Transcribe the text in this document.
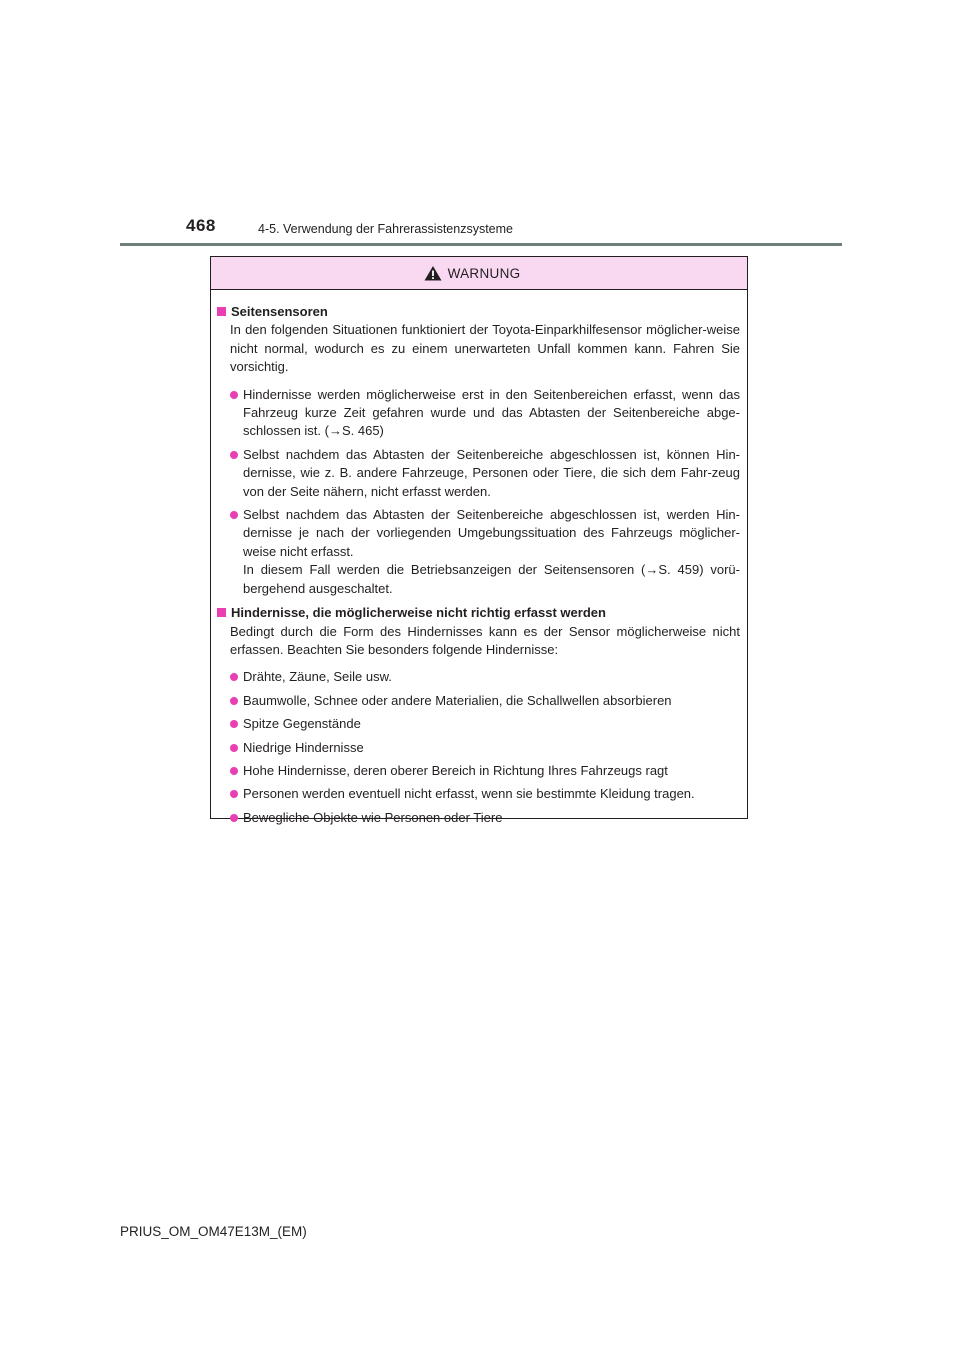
468	4-5. Verwendung der Fahrerassistenzsysteme
WARNUNG
Seitensensoren
In den folgenden Situationen funktioniert der Toyota-Einparkhilfesensor möglicher-weise nicht normal, wodurch es zu einem unerwarteten Unfall kommen kann. Fahren Sie vorsichtig.
Hindernisse werden möglicherweise erst in den Seitenbereichen erfasst, wenn das Fahrzeug kurze Zeit gefahren wurde und das Abtasten der Seitenbereiche abge-schlossen ist. (→S. 465)
Selbst nachdem das Abtasten der Seitenbereiche abgeschlossen ist, können Hin-dernisse, wie z. B. andere Fahrzeuge, Personen oder Tiere, die sich dem Fahr-zeug von der Seite nähern, nicht erfasst werden.
Selbst nachdem das Abtasten der Seitenbereiche abgeschlossen ist, werden Hin-dernisse je nach der vorliegenden Umgebungssituation des Fahrzeugs möglicher-weise nicht erfasst.
In diesem Fall werden die Betriebsanzeigen der Seitensensoren (→S. 459) vorü-bergehend ausgeschaltet.
Hindernisse, die möglicherweise nicht richtig erfasst werden
Bedingt durch die Form des Hindernisses kann es der Sensor möglicherweise nicht erfassen. Beachten Sie besonders folgende Hindernisse:
Drähte, Zäune, Seile usw.
Baumwolle, Schnee oder andere Materialien, die Schallwellen absorbieren
Spitze Gegenstände
Niedrige Hindernisse
Hohe Hindernisse, deren oberer Bereich in Richtung Ihres Fahrzeugs ragt
Personen werden eventuell nicht erfasst, wenn sie bestimmte Kleidung tragen.
Bewegliche Objekte wie Personen oder Tiere
PRIUS_OM_OM47E13M_(EM)
